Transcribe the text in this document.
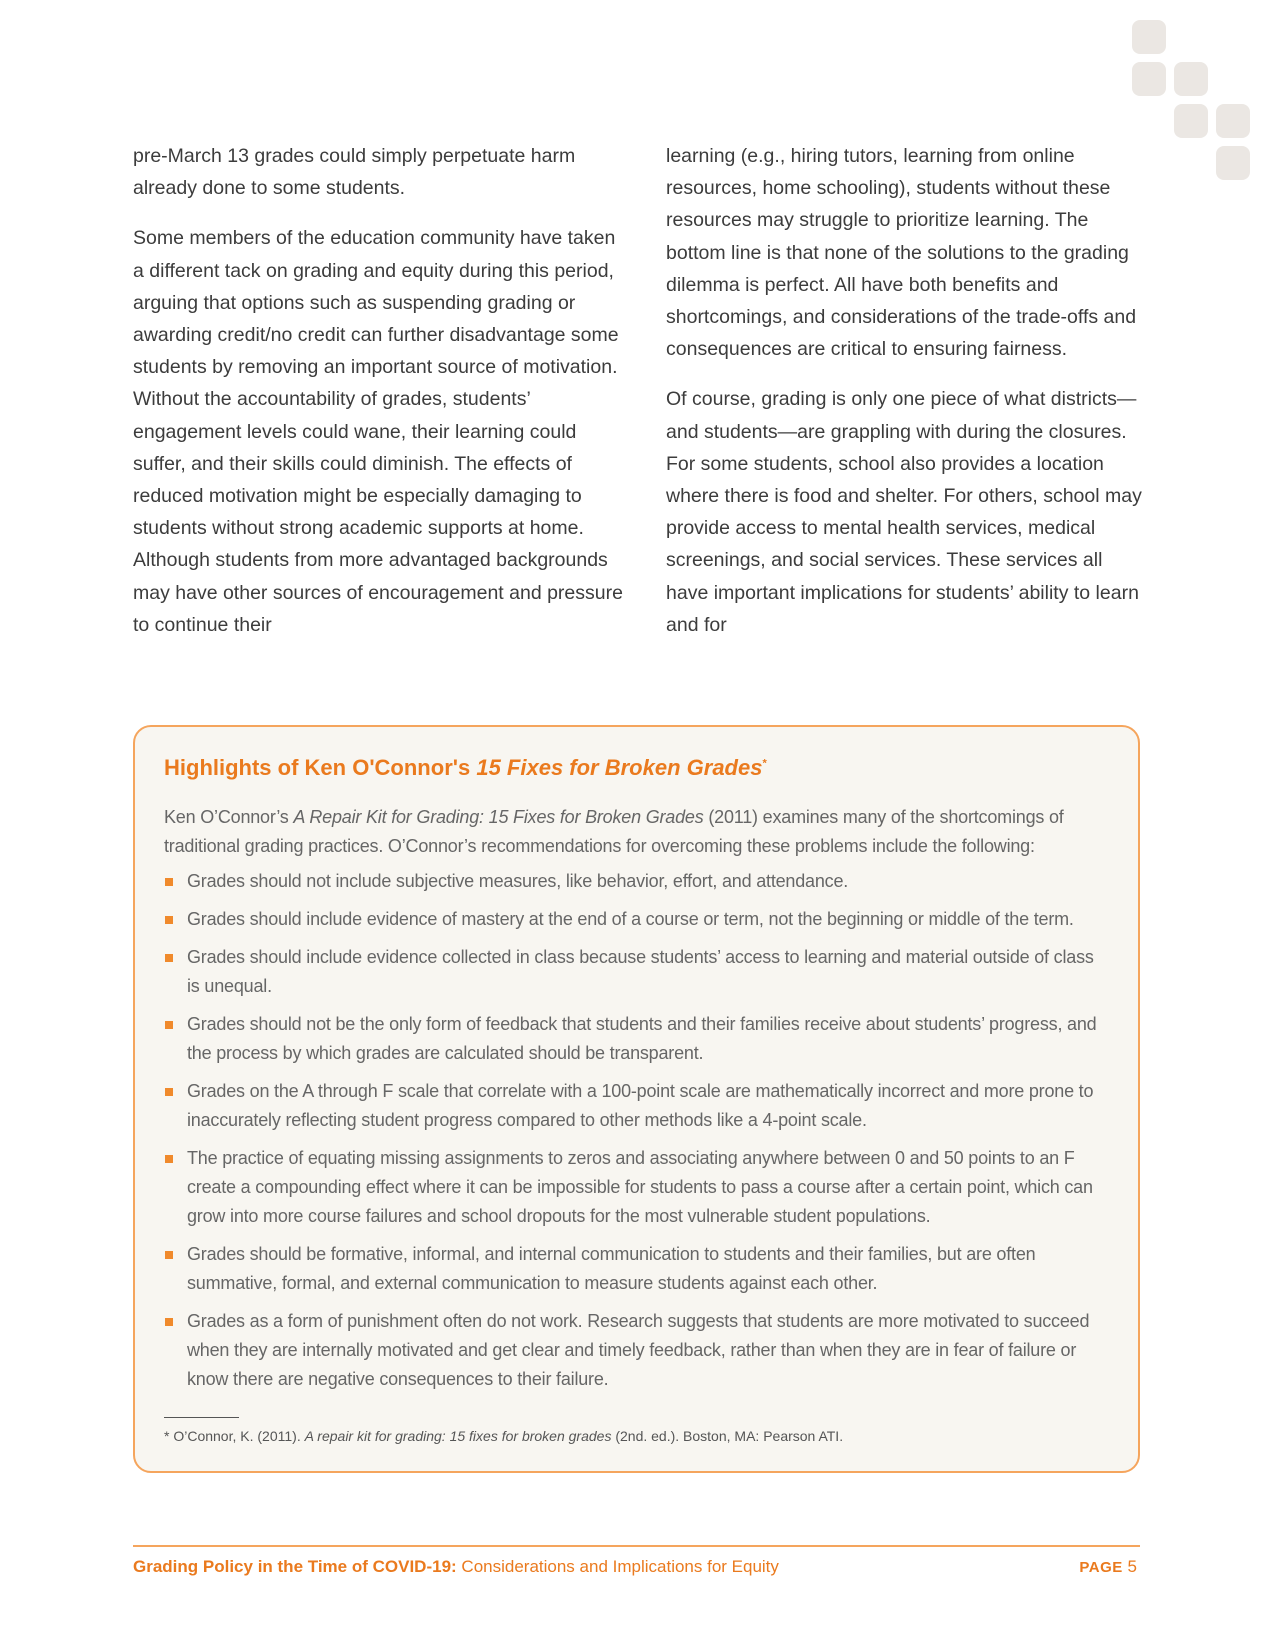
pre-March 13 grades could simply perpetuate harm already done to some students.

Some members of the education community have taken a different tack on grading and equity during this period, arguing that options such as suspending grading or awarding credit/no credit can further disadvantage some students by removing an important source of motivation. Without the accountability of grades, students’ engagement levels could wane, their learning could suffer, and their skills could diminish. The effects of reduced motivation might be especially damaging to students without strong academic supports at home. Although students from more advantaged backgrounds may have other sources of encouragement and pressure to continue their

learning (e.g., hiring tutors, learning from online resources, home schooling), students without these resources may struggle to prioritize learning. The bottom line is that none of the solutions to the grading dilemma is perfect. All have both benefits and shortcomings, and considerations of the trade-offs and consequences are critical to ensuring fairness.

Of course, grading is only one piece of what districts—and students—are grappling with during the closures. For some students, school also provides a location where there is food and shelter. For others, school may provide access to mental health services, medical screenings, and social services. These services all have important implications for students’ ability to learn and for

Highlights of Ken O'Connor's 15 Fixes for Broken Grades*

Ken O’Connor’s A Repair Kit for Grading: 15 Fixes for Broken Grades (2011) examines many of the shortcomings of traditional grading practices. O’Connor’s recommendations for overcoming these problems include the following:

Grades should not include subjective measures, like behavior, effort, and attendance.
Grades should include evidence of mastery at the end of a course or term, not the beginning or middle of the term.
Grades should include evidence collected in class because students’ access to learning and material outside of class is unequal.
Grades should not be the only form of feedback that students and their families receive about students’ progress, and the process by which grades are calculated should be transparent.
Grades on the A through F scale that correlate with a 100-point scale are mathematically incorrect and more prone to inaccurately reflecting student progress compared to other methods like a 4-point scale.
The practice of equating missing assignments to zeros and associating anywhere between 0 and 50 points to an F create a compounding effect where it can be impossible for students to pass a course after a certain point, which can grow into more course failures and school dropouts for the most vulnerable student populations.
Grades should be formative, informal, and internal communication to students and their families, but are often summative, formal, and external communication to measure students against each other.
Grades as a form of punishment often do not work. Research suggests that students are more motivated to succeed when they are internally motivated and get clear and timely feedback, rather than when they are in fear of failure or know there are negative consequences to their failure.

* O’Connor, K. (2011). A repair kit for grading: 15 fixes for broken grades (2nd. ed.). Boston, MA: Pearson ATI.

Grading Policy in the Time of COVID-19: Considerations and Implications for Equity	PAGE 5
